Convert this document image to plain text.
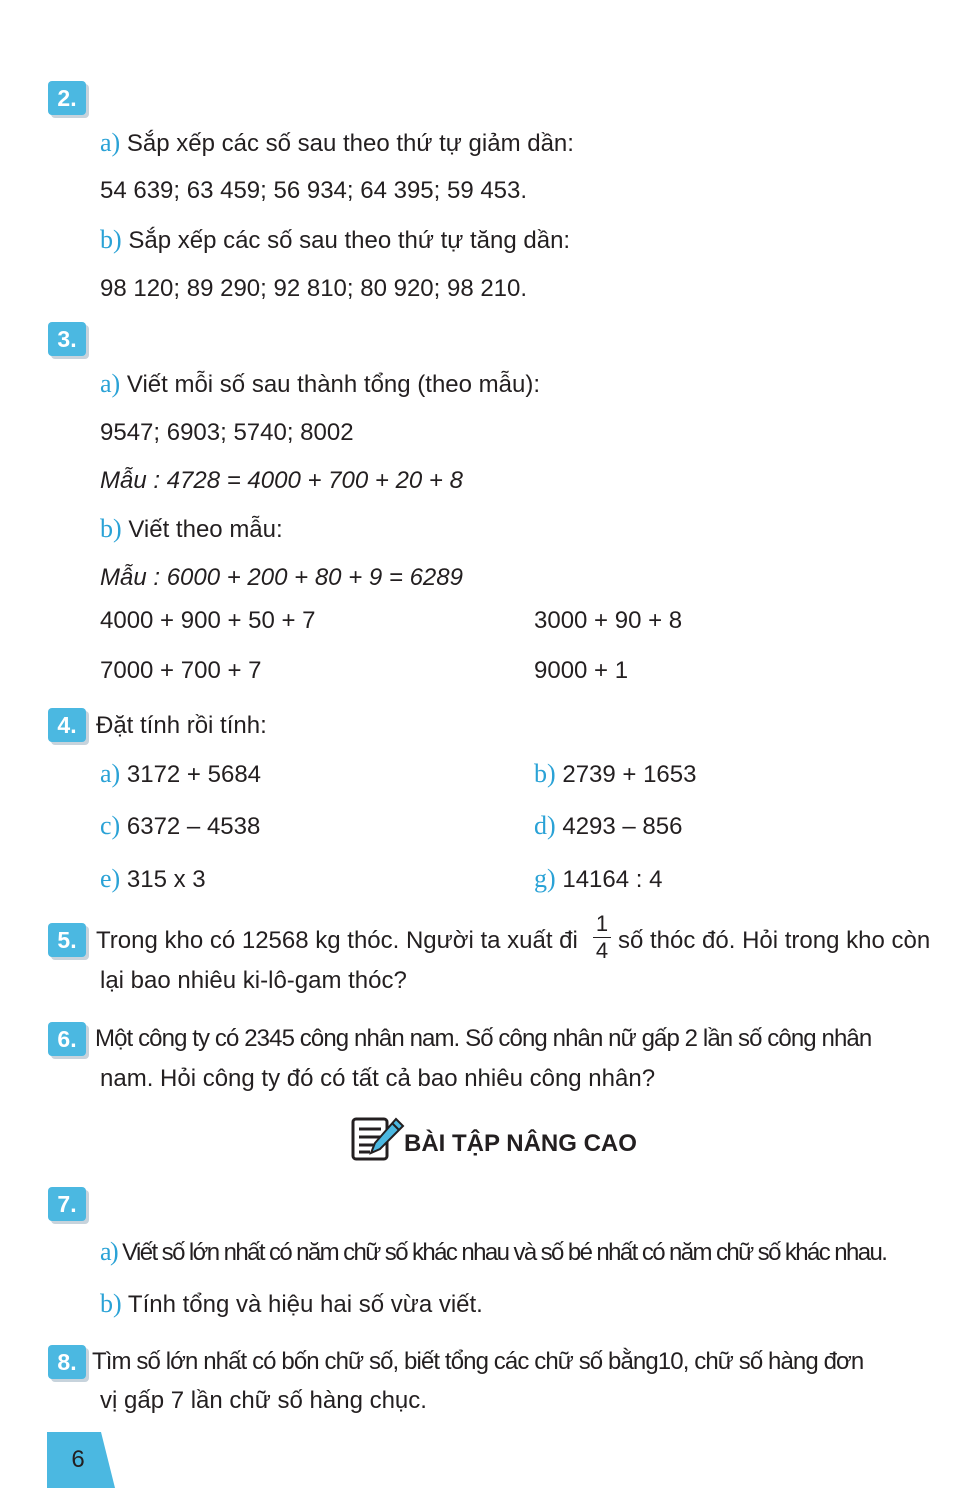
2.
a) Sắp xếp các số sau theo thứ tự giảm dần:
54 639; 63 459; 56 934; 64 395; 59 453.
b) Sắp xếp các số sau theo thứ tự tăng dần:
98 120; 89 290; 92 810; 80 920; 98 210.
3.
a) Viết mỗi số sau thành tổng (theo mẫu):
9547; 6903; 5740; 8002
Mẫu : 4728 = 4000 + 700 + 20 + 8
b) Viết theo mẫu:
Mẫu : 6000 + 200 + 80 + 9 = 6289
4000 + 900 + 50 + 7	3000 + 90 + 8
7000 + 700 + 7	9000 + 1
4. Đặt tính rồi tính:
a) 3172 + 5684	b) 2739 + 1653
c) 6372 – 4538	d) 4293 – 856
e) 315 x 3	g) 14164 : 4
5. Trong kho có 12568 kg thóc. Người ta xuất đi
1
4 số thóc đó. Hỏi trong kho còn
lại bao nhiêu ki-lô-gam thóc?
6. Một công ty có 2345 công nhân nam. Số công nhân nữ gấp 2 lần số công nhân
nam. Hỏi công ty đó có tất cả bao nhiêu công nhân?
BÀI TẬP NÂNG CAO
7.
a) Viết số lớn nhất có năm chữ số khác nhau và số bé nhất có năm chữ số khác nhau.
b) Tính tổng và hiệu hai số vừa viết.
8. Tìm số lớn nhất có bốn chữ số, biết tổng các chữ số bằng10, chữ số hàng đơn
vị gấp 7 lần chữ số hàng chục.
6
